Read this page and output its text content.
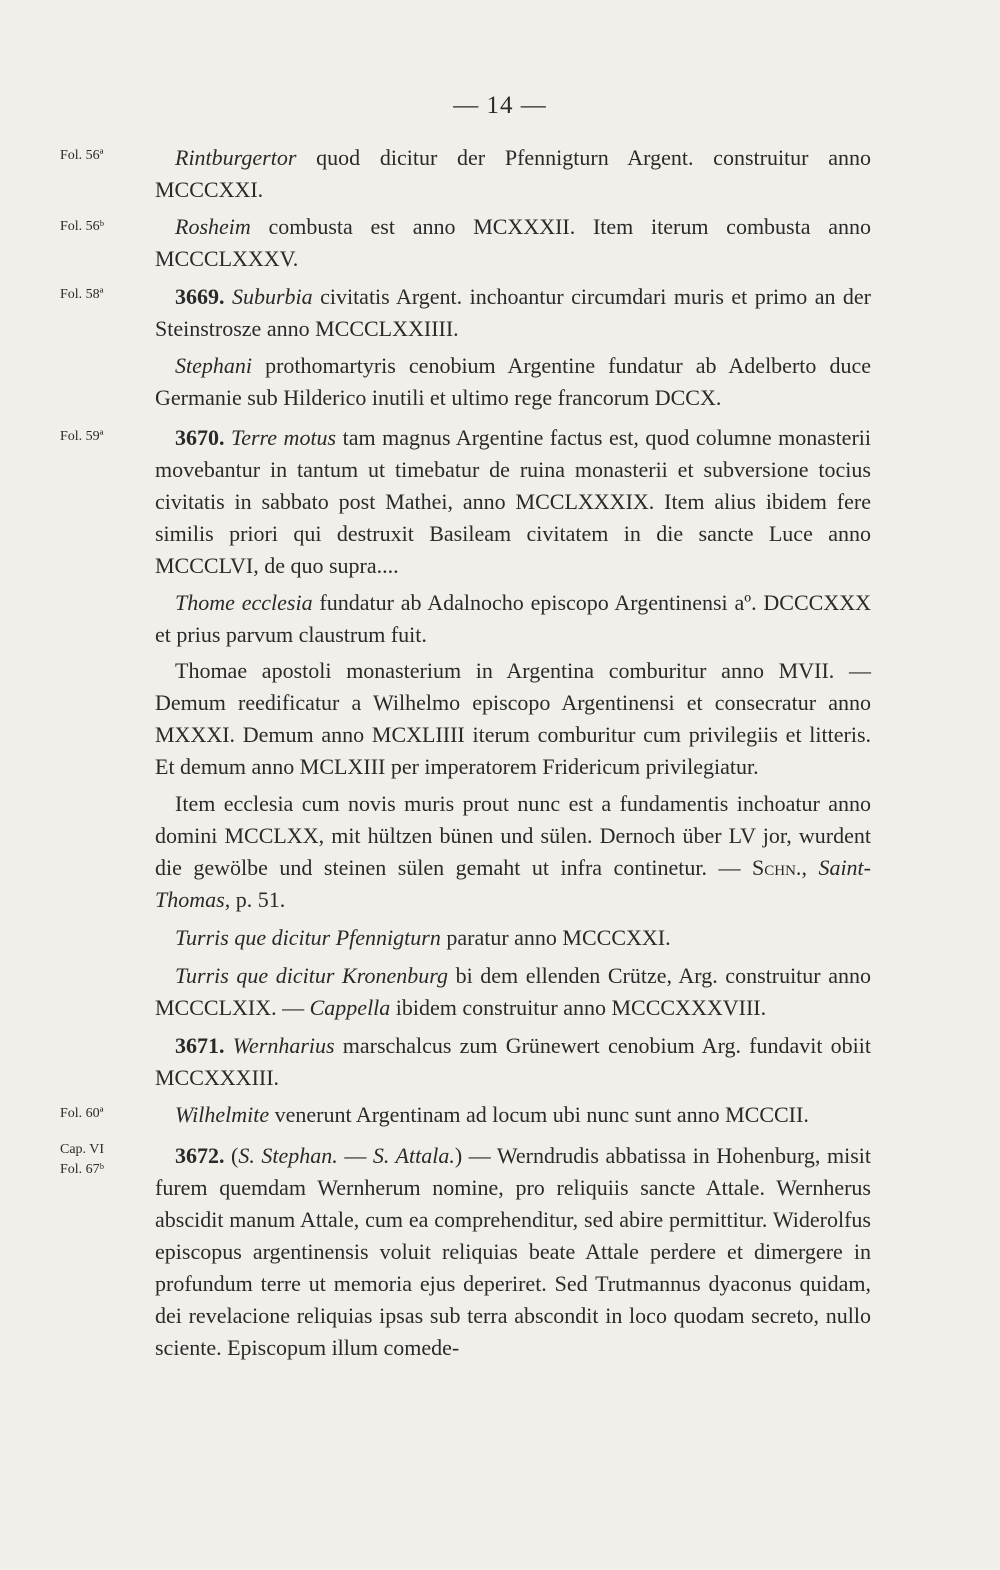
— 14 —
Fol. 56ª
Fol. 56ᵇ
Fol. 58ª
Fol. 59ª
Fol. 60ª
Cap. VI
Fol. 67ᵇ
Rintburgertor quod dicitur der Pfennigturn Argent. construitur anno MCCCXXI.
Rosheim combusta est anno MCXXXII. Item iterum combusta anno MCCCLXXXV.
3669. Suburbia civitatis Argent. inchoantur circumdari muris et primo an der Steinstrosze anno MCCCLXXIIII.
Stephani prothomartyris cenobium Argentine fundatur ab Adelberto duce Germanie sub Hilderico inutili et ultimo rege francorum DCCX.
3670. Terre motus tam magnus Argentine factus est, quod columne monasterii movebantur in tantum ut timebatur de ruina monasterii et subversione tocius civitatis in sabbato post Mathei, anno MCCLXXXIX. Item alius ibidem fere similis priori qui destruxit Basileam civitatem in die sancte Luce anno MCCCLVI, de quo supra....
Thome ecclesia fundatur ab Adalnocho episcopo Argentinensi aº. DCCCXXX et prius parvum claustrum fuit.
Thomae apostoli monasterium in Argentina comburitur anno MVII. — Demum reedificatur a Wilhelmo episcopo Argentinensi et consecratur anno MXXXI. Demum anno MCXLIIII iterum comburitur cum privilegiis et litteris. Et demum anno MCLXIII per imperatorem Fridericum privilegiatur.
Item ecclesia cum novis muris prout nunc est a fundamentis inchoatur anno domini MCCLXX, mit hültzen bünen und sülen. Dernoch über LV jor, wurdent die gewölbe und steinen sülen gemaht ut infra continetur. — Schn., Saint-Thomas, p. 51.
Turris que dicitur Pfennigturn paratur anno MCCCXXI.
Turris que dicitur Kronenburg bi dem ellenden Crütze, Arg. construitur anno MCCCLXIX. — Cappella ibidem construitur anno MCCCXXXVIII.
3671. Wernharius marschalcus zum Grünewert cenobium Arg. fundavit obiit MCCXXXIII.
Wilhelmite venerunt Argentinam ad locum ubi nunc sunt anno MCCCII.
3672. (S. Stephan. — S. Attala.) — Werndrudis abbatissa in Hohenburg, misit furem quemdam Wernherum nomine, pro reliquiis sancte Attale. Wernherus abscidit manum Attale, cum ea comprehenditur, sed abire permittitur. Widerolfus episcopus argentinensis voluit reliquias beate Attale perdere et dimergere in profundum terre ut memoria ejus deperiret. Sed Trutmannus dyaconus quidam, dei revelacione reliquias ipsas sub terra abscondit in loco quodam secreto, nullo sciente. Episcopum illum comede-
